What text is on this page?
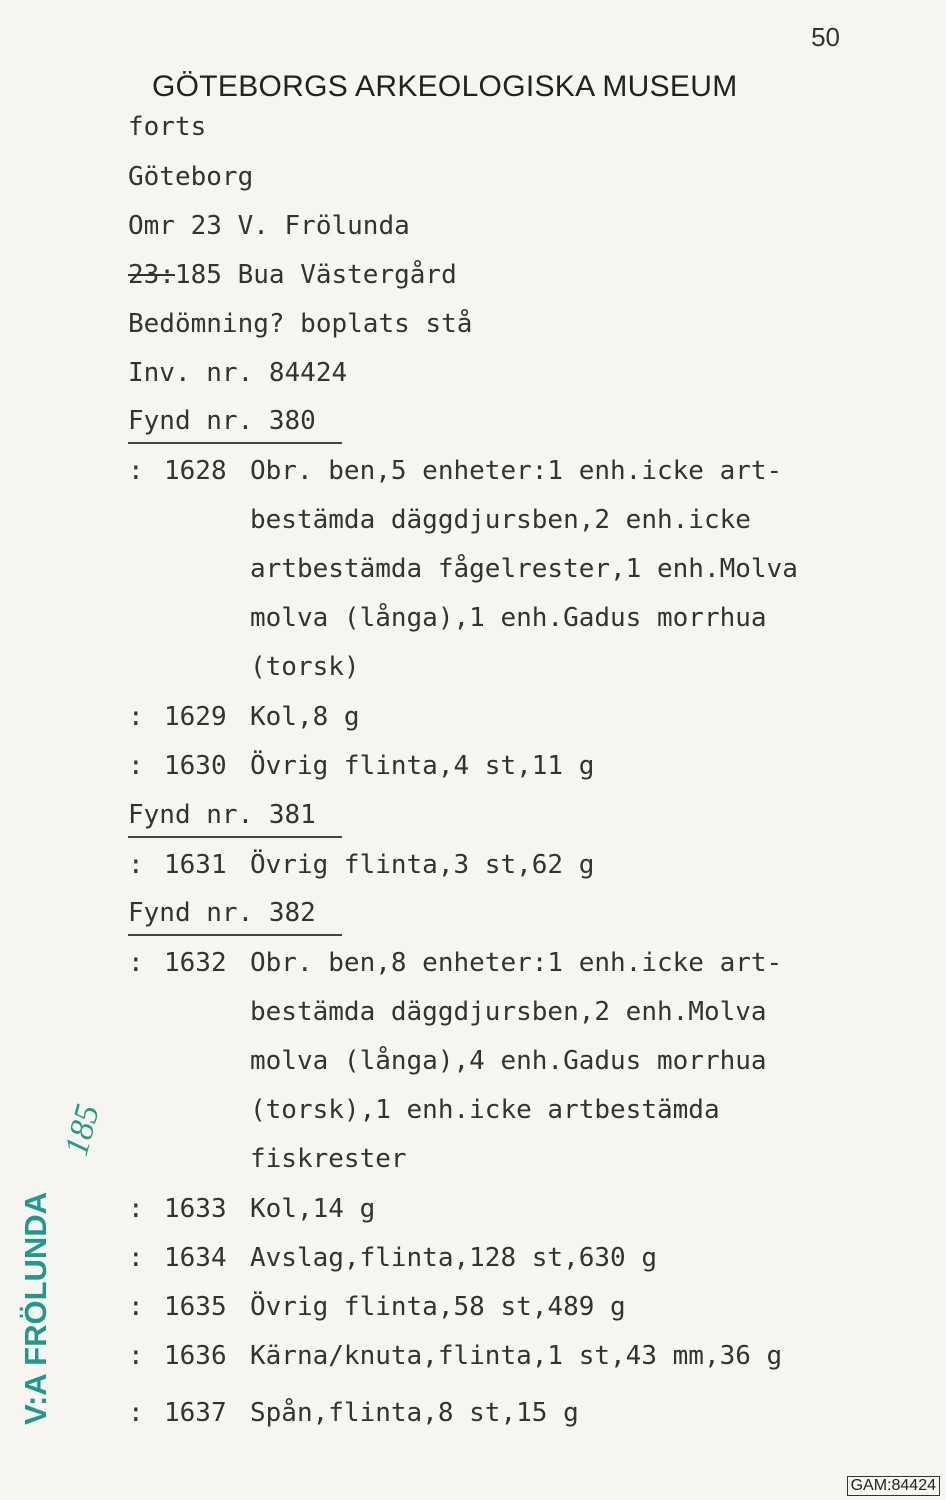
50
GÖTEBORGS ARKEOLOGISKA MUSEUM
forts
Göteborg
Omr 23 V. Frölunda
23:185 Bua Västergård
Bedömning? boplats stå
Inv. nr. 84424
Fynd nr. 380
: 1628 Obr. ben,5 enheter:1 enh.icke art-
bestämda däggdjursben,2 enh.icke
artbestämda fågelrester,1 enh.Molva
molva (långa),1 enh.Gadus morrhua
(torsk)
: 1629 Kol,8 g
: 1630 Övrig flinta,4 st,11 g
Fynd nr. 381
: 1631 Övrig flinta,3 st,62 g
Fynd nr. 382
: 1632 Obr. ben,8 enheter:1 enh.icke art-
bestämda däggdjursben,2 enh.Molva
molva (långa),4 enh.Gadus morrhua
(torsk),1 enh.icke artbestämda
fiskrester
: 1633 Kol,14 g
: 1634 Avslag,flinta,128 st,630 g
: 1635 Övrig flinta,58 st,489 g
: 1636 Kärna/knuta,flinta,1 st,43 mm,36 g
: 1637 Spån,flinta,8 st,15 g
V:A FRÖLUNDA
185
GAM:84424
